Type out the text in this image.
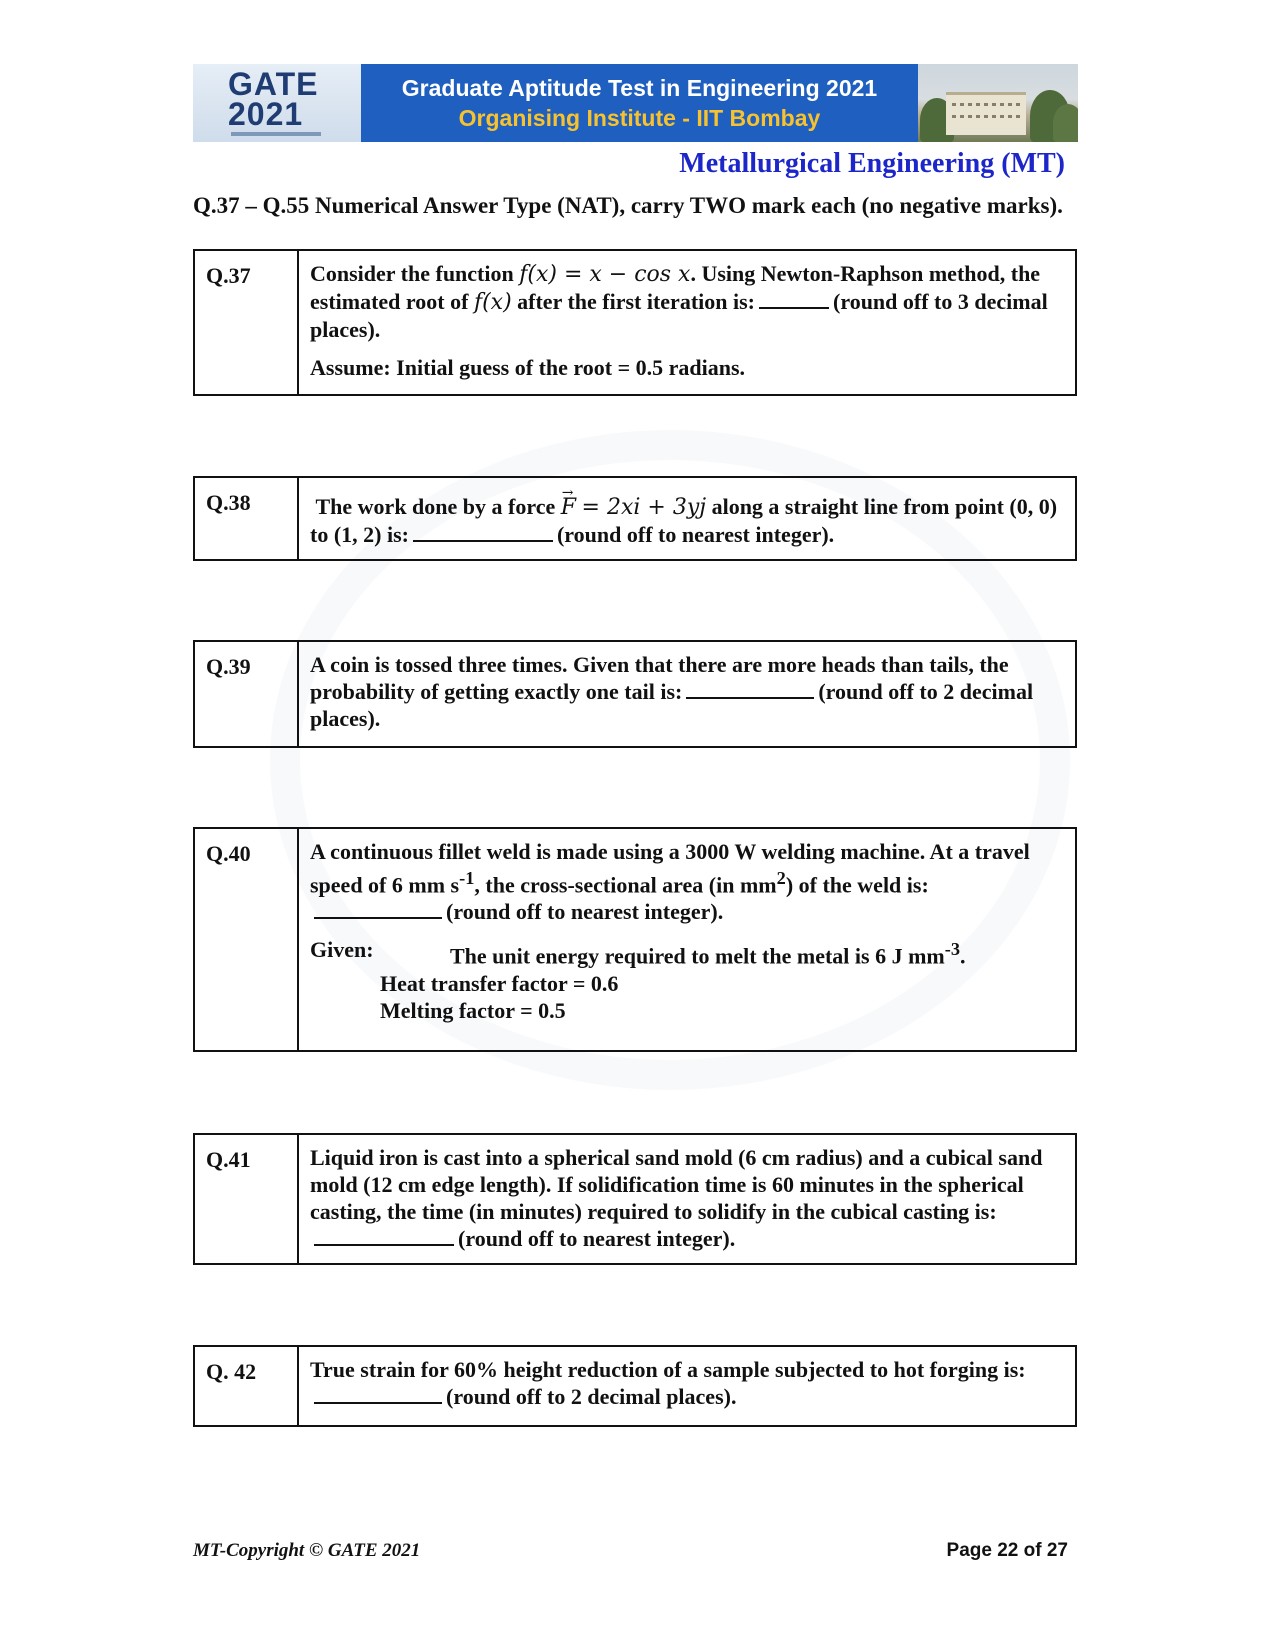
GATE
2021
Graduate Aptitude Test in Engineering 2021
Organising Institute - IIT Bombay
Metallurgical Engineering (MT)
Q.37 – Q.55 Numerical Answer Type (NAT), carry TWO mark each (no negative marks).
Q.37	Consider the function f(x) = x − cos x. Using Newton-Raphson method, the estimated root of f(x) after the first iteration is:	(round off to 3 decimal places).

Assume: Initial guess of the root = 0.5 radians.

Q.38	The work done by a force → F = 2xi + 3yj along a straight line from point (0, 0) to (1, 2) is:	(round off to nearest integer).

Q.39	A coin is tossed three times. Given that there are more heads than tails, the probability of getting exactly one tail is:	(round off to 2 decimal places).

Q.40	A continuous fillet weld is made using a 3000 W welding machine. At a travel speed of 6 mm $s^{-1}$, the cross-sectional area (in $mm^2$) of the weld is: (round off to nearest integer).

Given:	The unit energy required to melt the metal is 6 J $mm^{-3}$.

Heat transfer factor = 0.6

Melting factor = 0.5

Q.41	Liquid iron is cast into a spherical sand mold (6 cm radius) and a cubical sand mold (12 cm edge length). If solidification time is 60 minutes in the spherical casting, the time (in minutes) required to solidify in the cubical casting is:(round off to nearest integer).

Q. 42	True strain for 60% height reduction of a sample subjected to hot forging is:(round off to 2 decimal places).

MT-Copyright © GATE 2021	Page 22 of 27
